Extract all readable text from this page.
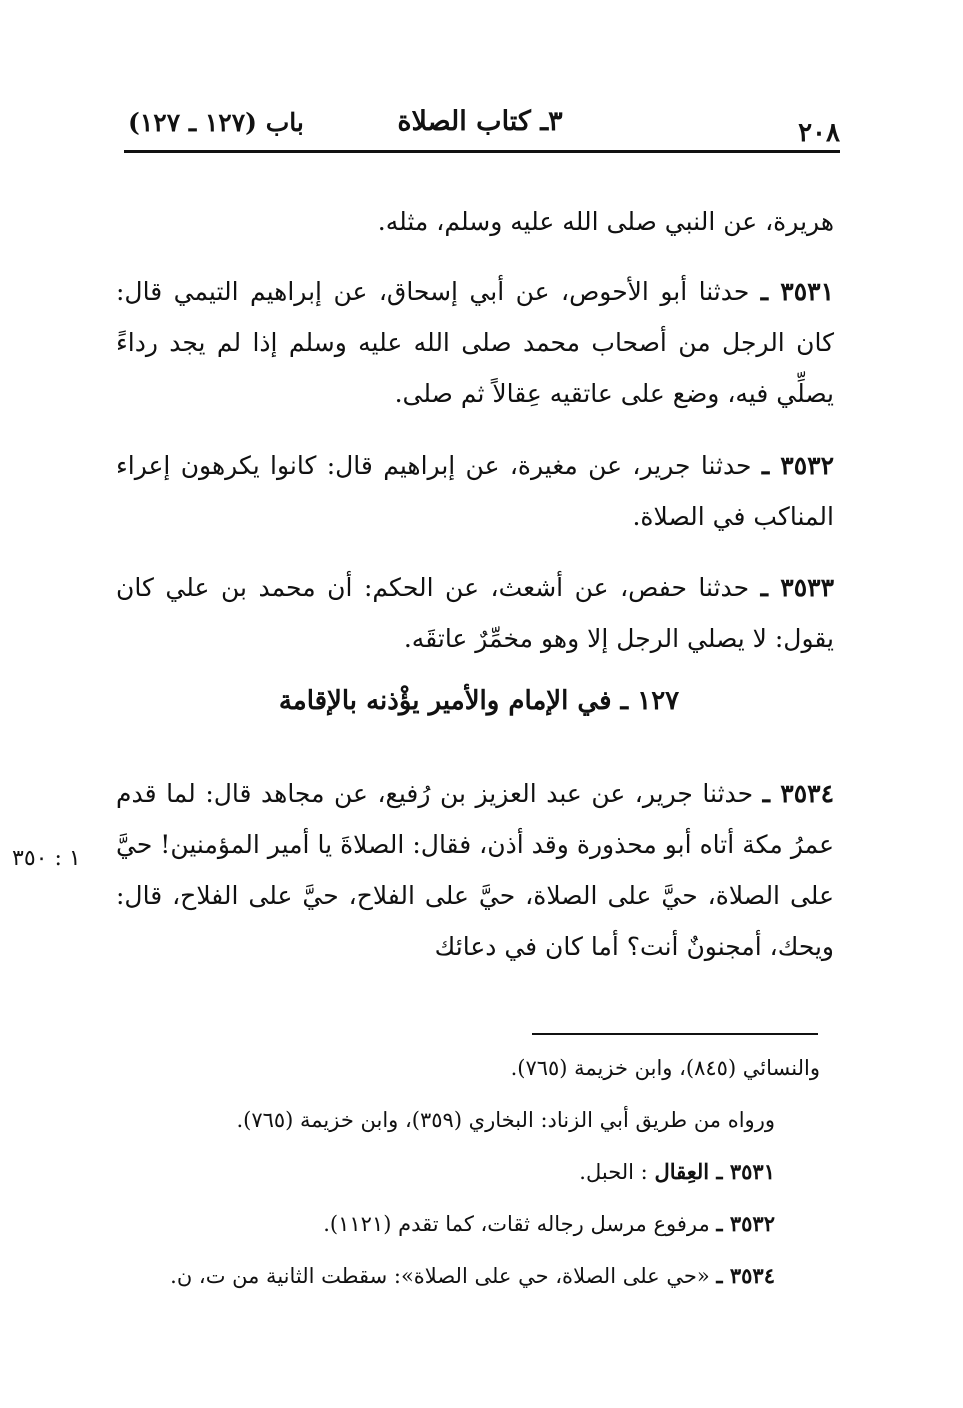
٢٠٨
٣ـ كتاب الصلاة
باب (١٢٧ ـ ١٢٧)
هريرة، عن النبي صلى الله عليه وسلم، مثله.
٣٥٣١ ـ حدثنا أبو الأحوص، عن أبي إسحاق، عن إبراهيم التيمي قال: كان الرجل من أصحاب محمد صلى الله عليه وسلم إذا لم يجد رداءً يصلِّي فيه، وضع على عاتقيه عِقالاً ثم صلى.
٣٥٣٢ ـ حدثنا جرير، عن مغيرة، عن إبراهيم قال: كانوا يكرهون إعراء المناكب في الصلاة.
٣٥٣٣ ـ حدثنا حفص، عن أشعث، عن الحكم: أن محمد بن علي كان يقول: لا يصلي الرجل إلا وهو مخمِّرٌ عاتقَه.
١٢٧ ـ في الإمام والأمير يؤْذنه بالإقامة
٣٥٣٤ ـ حدثنا جرير، عن عبد العزيز بن رُفيع، عن مجاهد قال: لما قدم عمرُ مكة أتاه أبو محذورة وقد أذن، فقال: الصلاةَ يا أمير المؤمنين! حيَّ على الصلاة، حيَّ على الصلاة، حيَّ على الفلاح، حيَّ على الفلاح، قال: ويحك، أمجنونٌ أنت؟ أما كان في دعائك
١ : ٣٥٠
والنسائي (٨٤٥)، وابن خزيمة (٧٦٥).
ورواه من طريق أبي الزناد: البخاري (٣٥٩)، وابن خزيمة (٧٦٥).
٣٥٣١ ـ العِقال : الحبل.
٣٥٣٢ ـ مرفوع مرسل رجاله ثقات، كما تقدم (١١٢١).
٣٥٣٤ ـ «حي على الصلاة، حي على الصلاة»: سقطت الثانية من ت، ن.
